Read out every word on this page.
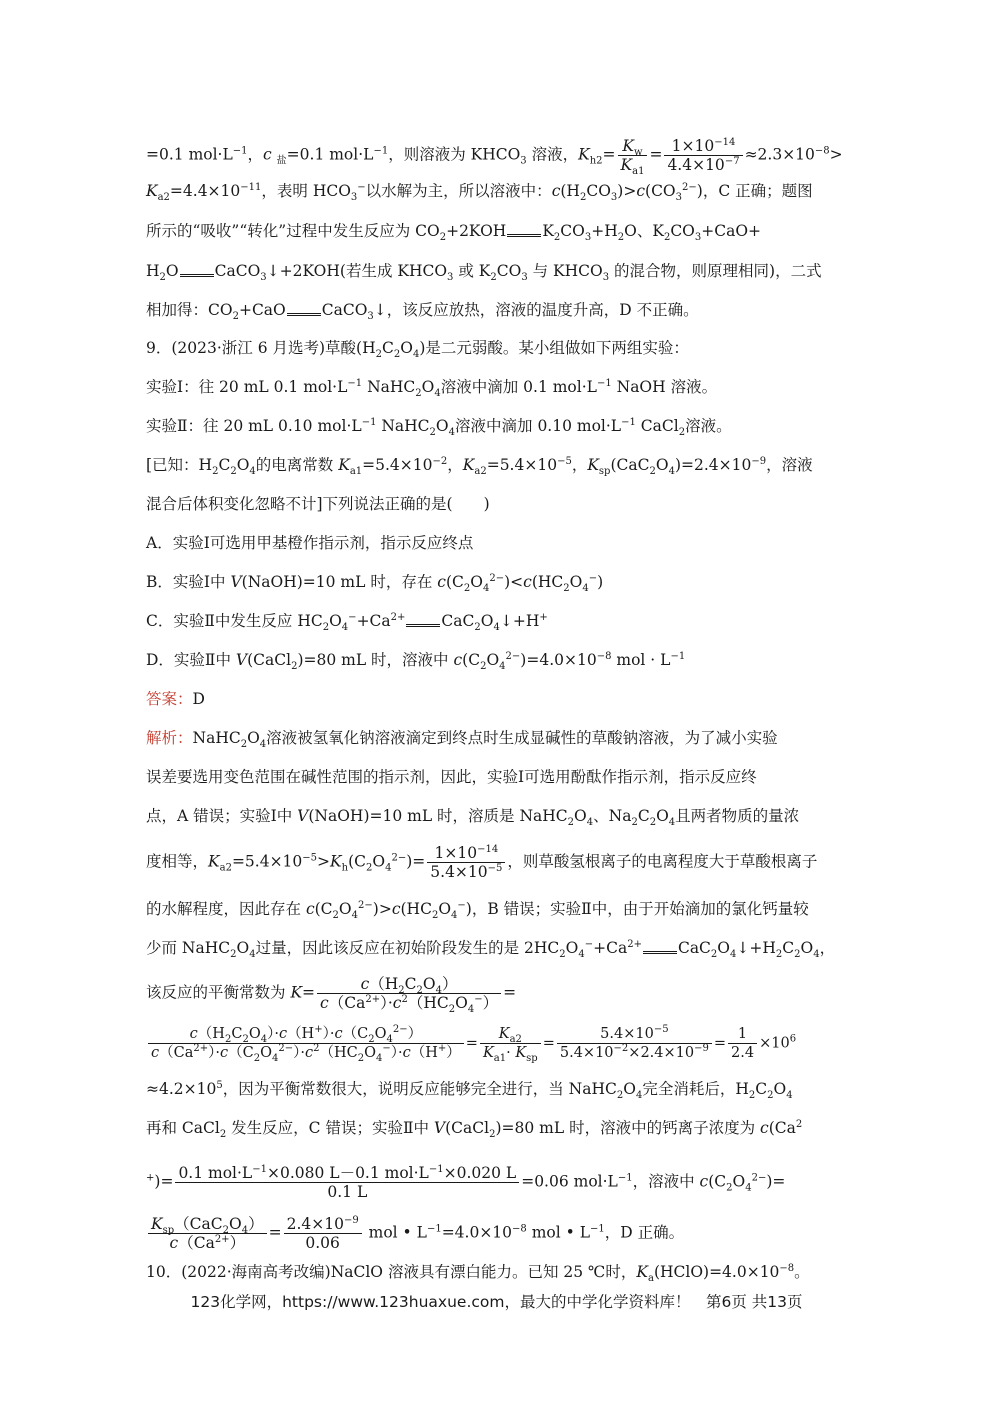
=0.1 $mol\cdot L^{-1}$，c $_盐$=0.1 $mol\cdot L^{-1}$，则溶液为 $KHCO_3$ 溶液，$K_{h2}= \frac{K_w}{K_{a1}} = \frac{1\times 10^{-14}}{4.4\times 10^{-7}} \approx 2.3\times 10^{-8}>$
$K_{a2}=4.4\times 10^{-11}$，表明 $HCO_3^-$以水解为主，所以溶液中：$c(H_2CO_3)>c(CO_3^{2-})$，C 正确；题图
所示的“吸收”“转化”过程中发生反应为 $CO_2+2KOH$ $K_2CO_3+H_2O$、$K_2CO_3+CaO+$
$H_2O$ CaCO$_3$↓+2KOH(若生成 $KHCO_3$ 或 $K_2CO_3$ 与 $KHCO_3$ 的混合物，则原理相同)，二式
相加得：$CO_2+CaO$ CaCO$_3$↓，该反应放热，溶液的温度升高，D 不正确。
9．(2023·浙江 6 月选考)草酸$(H_2C_2O_4)$是二元弱酸。某小组做如下两组实验：
实验Ⅰ：往 20 mL 0.1 $mol\cdot L^{-1}$ $NaHC_2O_4$溶液中滴加 0.1 $mol\cdot L^{-1}$ NaOH 溶液。
实验Ⅱ：往 20 mL 0.10 $mol\cdot L^{-1}$ $NaHC_2O_4$溶液中滴加 0.10 $mol\cdot L^{-1}$ CaCl$_2$溶液。
[已知：$H_2C_2O_4$的电离常数 $K_{a1}=5.4\times 10^{-2}$，$K_{a2}=5.4\times 10^{-5}$，$K_{sp}(CaC_2O_4)=2.4\times 10^{-9}$，溶液
混合后体积变化忽略不计]下列说法正确的是(　　)
A．实验Ⅰ可选用甲基橙作指示剂，指示反应终点
B．实验Ⅰ中 V(NaOH)=10 mL 时，存在 $c(C_2O_4^{2-})<c(HC_2O_4^-)$
C．实验Ⅱ中发生反应 $HC_2O_4^-+Ca^{2+}$ $CaC_2O_4↓+H^+$
D．实验Ⅱ中 V(CaCl$_2$)=80 mL 时，溶液中 $c(C_2O_4^{2-})=4.0\times 10^{-8}$ mol · $L^{-1}$
答案：D
解析：$NaHC_2O_4$溶液被氢氧化钠溶液滴定到终点时生成显碱性的草酸钠溶液，为了减小实验
误差要选用变色范围在碱性范围的指示剂，因此，实验Ⅰ可选用酚酞作指示剂，指示反应终
点，A 错误；实验Ⅰ中 V(NaOH)=10 mL 时，溶质是 $NaHC_2O_4$、$Na_2C_2O_4$且两者物质的量浓
度相等，$K_{a2}=5.4\times 10^{-5}>K_h(C_2O_4^{2-})= \frac{1\times 10^{-14}}{5.4\times 10^{-5}}$ ，则草酸氢根离子的电离程度大于草酸根离子
的水解程度，因此存在 $c(C_2O_4^{2-})>c(HC_2O_4^-)$，B 错误；实验Ⅱ中，由于开始滴加的氯化钙量较
少而 $NaHC_2O_4$过量，因此该反应在初始阶段发生的是 $2HC_2O_4^-+Ca^{2+}$ $CaC_2O_4↓+H_2C_2O_4$，
该反应的平衡常数为 $K= \frac{c(H_2C_2O_4)}{c(Ca^{2+})\cdot c^2(HC_2O_4^-)}$ =
$\frac{c(H_2C_2O_4)\cdot c(H^+)\cdot c(C_2O_4^{2-})}{c(Ca^{2+})\cdot c(C_2O_4^{2-})\cdot c^2(HC_2O_4^-)\cdot c(H^+)} = \frac{K_{a2}}{K_{a1}\cdot K_{sp}} = \frac{5.4\times 10^{-5}}{5.4\times 10^{-2}\times 2.4\times 10^{-9}} = \frac{1}{2.4} \times 10^6$
$\approx 4.2\times 10^5$，因为平衡常数很大，说明反应能够完全进行，当 $NaHC_2O_4$完全消耗后，$H_2C_2O_4$
再和 CaCl$_2$ 发生反应，C 错误；实验Ⅱ中 V(CaCl$_2$)=80 mL 时，溶液中的钙离子浓度为 c(Ca$^2$
$^+)= \frac{0.1 mol\cdot L^{-1}\times 0.080 L-0.1 mol\cdot L^{-1}\times 0.020 L}{0.1 L} =0.06$ $mol\cdot L^{-1}$，溶液中 $c(C_2O_4^{2-})=$
$\frac{K_{sp}(CaC_2O_4)}{c(Ca^{2+})} = \frac{2.4\times 10^{-9}}{0.06}$ mol • $L^{-1}=4.0\times 10^{-8}$ mol • $L^{-1}$，D 正确。
10．(2022·海南高考改编)NaClO 溶液具有漂白能力。已知 25 ℃时，$K_a(HClO)=4.0\times 10^{-8}$。
123化学网，https://www.123huaxue.com，最大的中学化学资料库！　第6页 共13页
